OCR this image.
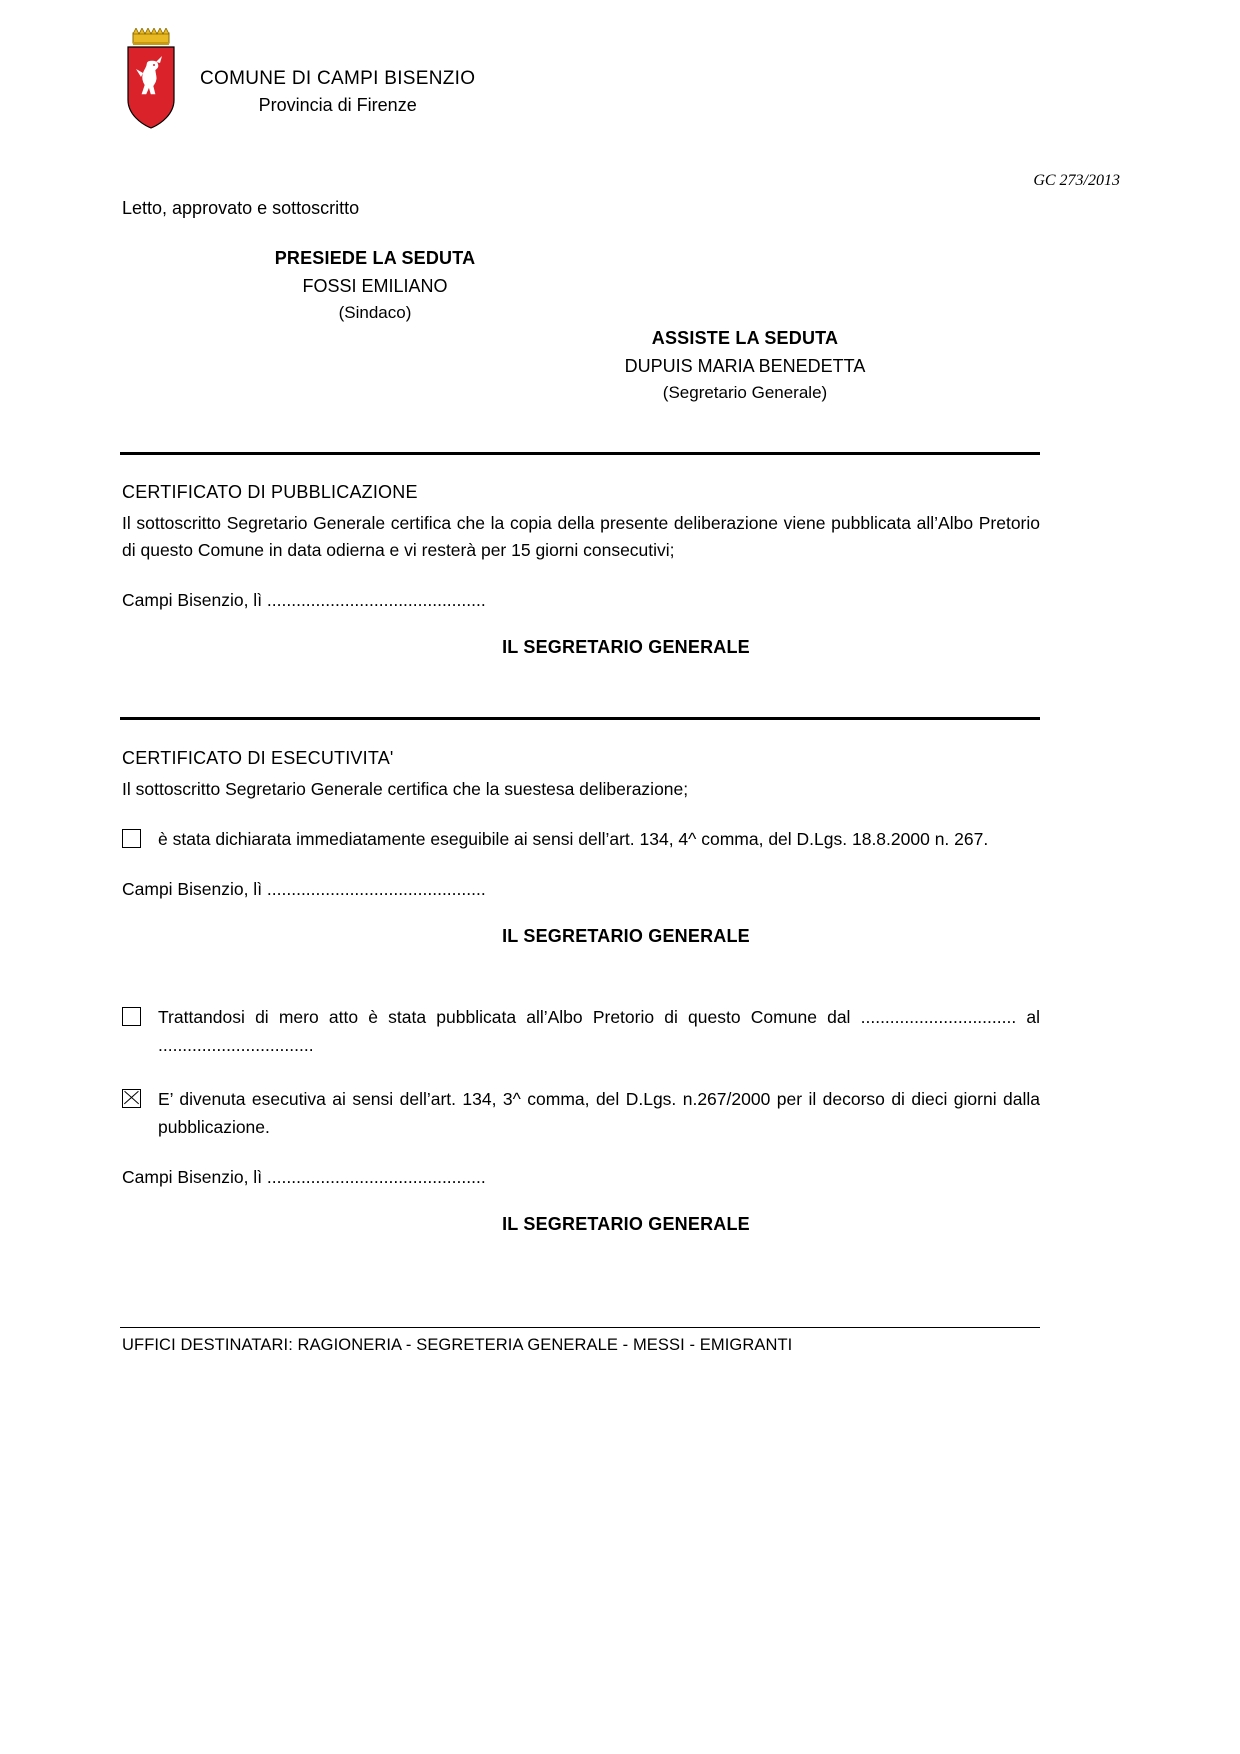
COMUNE DI CAMPI BISENZIO
Provincia di Firenze
GC 273/2013
Letto, approvato e sottoscritto
PRESIEDE LA SEDUTA
FOSSI EMILIANO
(Sindaco)
ASSISTE LA SEDUTA
DUPUIS MARIA BENEDETTA
(Segretario Generale)
CERTIFICATO DI PUBBLICAZIONE
Il sottoscritto Segretario Generale certifica che la copia della presente deliberazione viene pubblicata all’Albo Pretorio di questo Comune in data odierna e vi resterà per 15 giorni consecutivi;
Campi Bisenzio, lì .............................................
IL SEGRETARIO GENERALE
CERTIFICATO DI ESECUTIVITA'
Il sottoscritto Segretario Generale certifica che la suestesa deliberazione;
è stata dichiarata immediatamente eseguibile ai sensi dell’art. 134, 4^ comma, del D.Lgs. 18.8.2000 n. 267.
Campi Bisenzio, lì .............................................
IL SEGRETARIO GENERALE
Trattandosi di mero atto è stata pubblicata all’Albo Pretorio di questo Comune dal ................................ al ................................
E’ divenuta esecutiva ai sensi dell’art. 134, 3^ comma, del D.Lgs. n.267/2000 per il decorso di dieci giorni dalla pubblicazione.
Campi Bisenzio, lì .............................................
IL SEGRETARIO GENERALE
UFFICI DESTINATARI: RAGIONERIA - SEGRETERIA GENERALE - MESSI - EMIGRANTI
